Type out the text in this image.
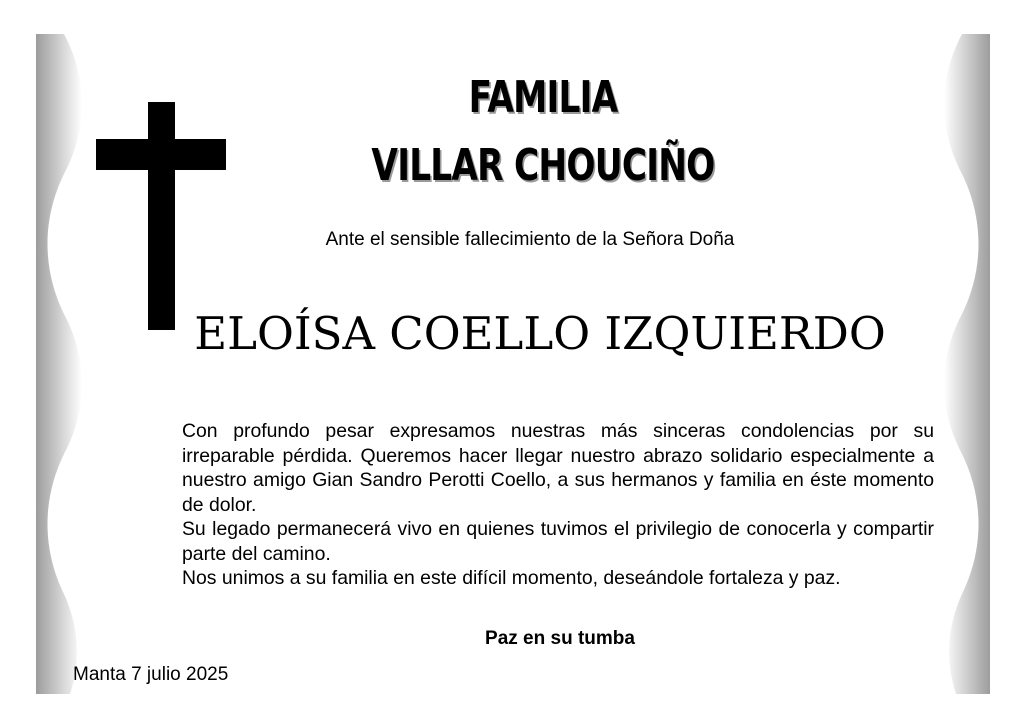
FAMILIA
VILLAR CHOUCIÑO
Ante el sensible fallecimiento de la Señora Doña
ELOÍSA COELLO IZQUIERDO

Con profundo pesar expresamos nuestras más sinceras condolencias por su irreparable pérdida. Queremos hacer llegar nuestro abrazo solidario especialmente a nuestro amigo Gian Sandro Perotti Coello, a sus hermanos y familia en éste momento de dolor.

Su legado permanecerá vivo en quienes tuvimos el privilegio de conocerla y compartir parte del camino.

Nos unimos a su familia en este difícil momento, deseándole fortaleza y paz.

Paz en su tumba
Manta 7 julio 2025
